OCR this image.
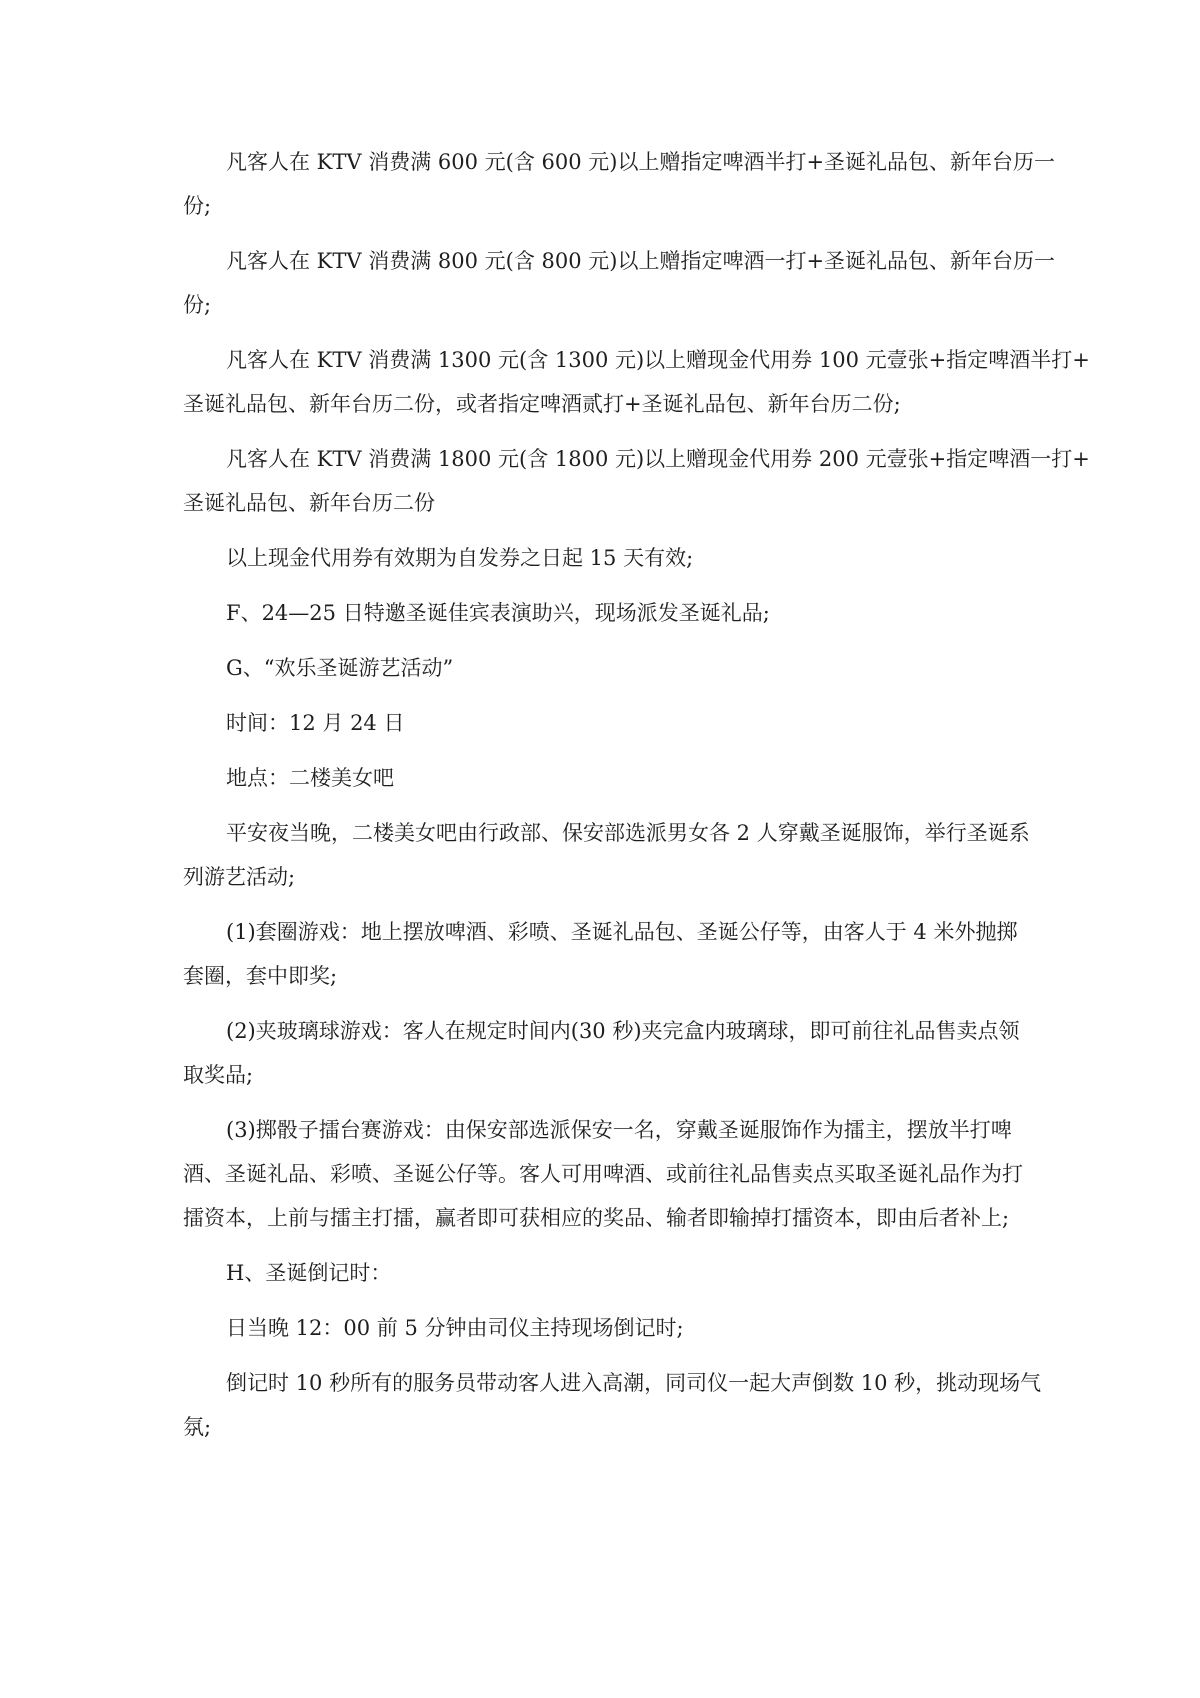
凡客人在 KTV 消费满 600 元(含 600 元)以上赠指定啤酒半打+圣诞礼品包、新年台历一
份;
凡客人在 KTV 消费满 800 元(含 800 元)以上赠指定啤酒一打+圣诞礼品包、新年台历一
份;
凡客人在 KTV 消费满 1300 元(含 1300 元)以上赠现金代用券 100 元壹张+指定啤酒半打+
圣诞礼品包、新年台历二份，或者指定啤酒贰打+圣诞礼品包、新年台历二份;
凡客人在 KTV 消费满 1800 元(含 1800 元)以上赠现金代用券 200 元壹张+指定啤酒一打+
圣诞礼品包、新年台历二份
以上现金代用券有效期为自发券之日起 15 天有效;
F、24—25 日特邀圣诞佳宾表演助兴，现场派发圣诞礼品;
G、“欢乐圣诞游艺活动”
时间：12 月 24 日
地点：二楼美女吧
平安夜当晚，二楼美女吧由行政部、保安部选派男女各 2 人穿戴圣诞服饰，举行圣诞系
列游艺活动;
(1)套圈游戏：地上摆放啤酒、彩喷、圣诞礼品包、圣诞公仔等，由客人于 4 米外抛掷
套圈，套中即奖;
(2)夹玻璃球游戏：客人在规定时间内(30 秒)夹完盒内玻璃球，即可前往礼品售卖点领
取奖品;
(3)掷骰子擂台赛游戏：由保安部选派保安一名，穿戴圣诞服饰作为擂主，摆放半打啤
酒、圣诞礼品、彩喷、圣诞公仔等。客人可用啤酒、或前往礼品售卖点买取圣诞礼品作为打
擂资本，上前与擂主打擂，赢者即可获相应的奖品、输者即输掉打擂资本，即由后者补上;
H、圣诞倒记时：
日当晚 12：00 前 5 分钟由司仪主持现场倒记时;
倒记时 10 秒所有的服务员带动客人进入高潮，同司仪一起大声倒数 10 秒，挑动现场气
氛;
